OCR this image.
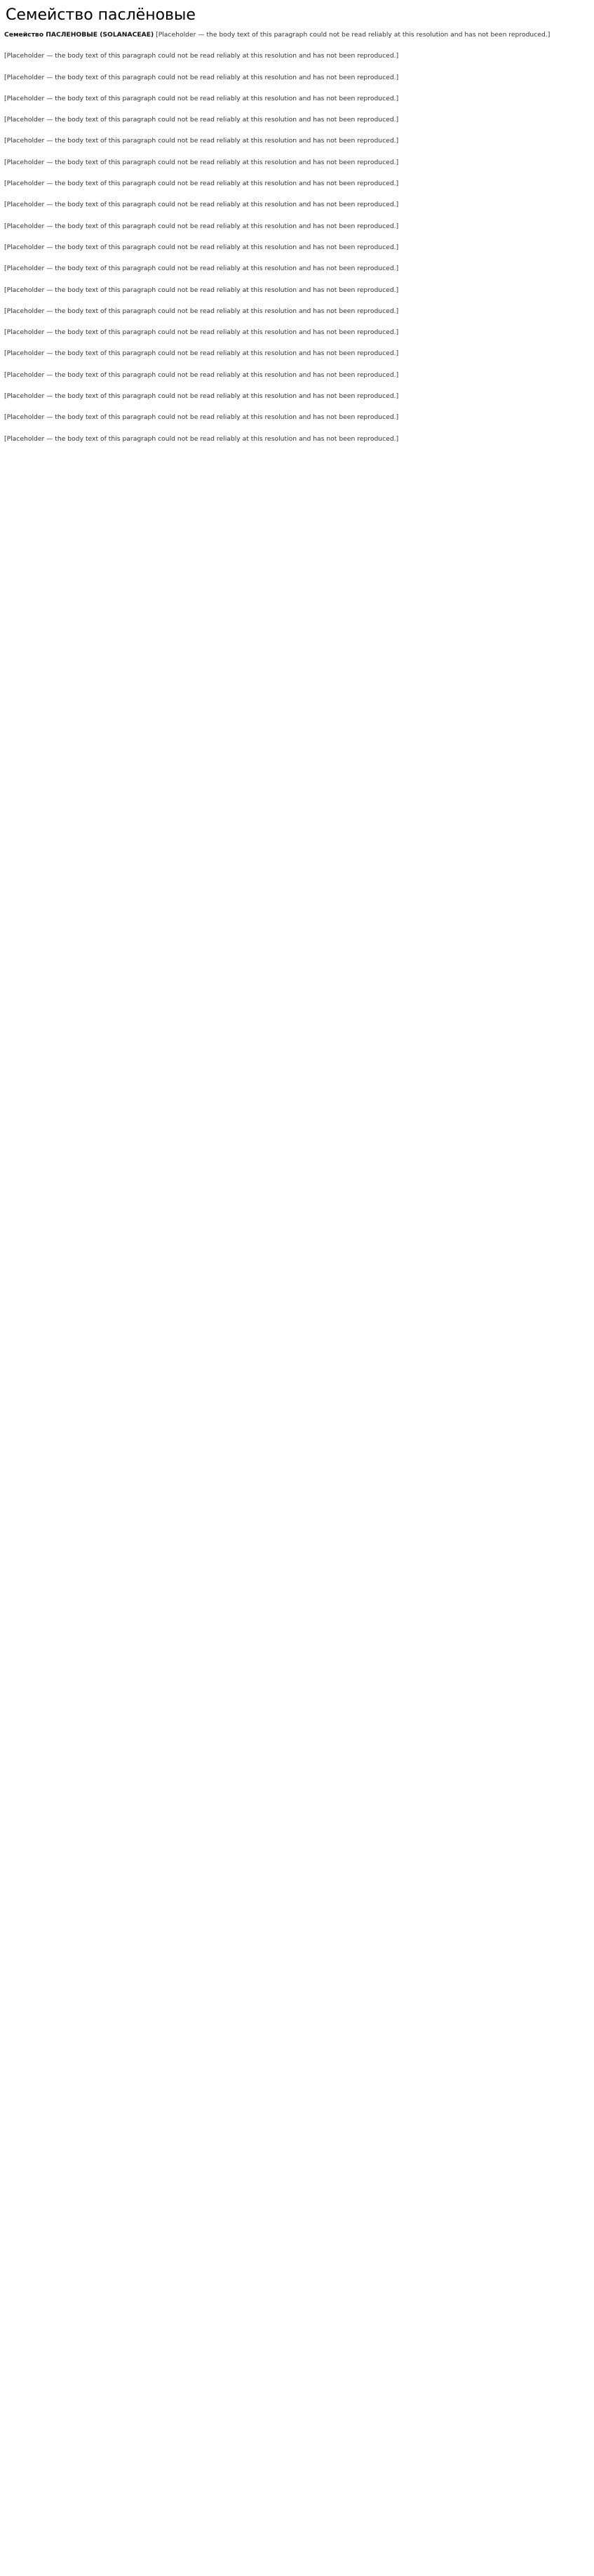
Семейство паслёновые

Семейство ПАСЛЕНОВЫЕ (SOLANACEAE) [Placeholder — the body text of this paragraph could not be read reliably at this resolution and has not been reproduced.]

[Placeholder — the body text of this paragraph could not be read reliably at this resolution and has not been reproduced.]

[Placeholder — the body text of this paragraph could not be read reliably at this resolution and has not been reproduced.]

[Placeholder — the body text of this paragraph could not be read reliably at this resolution and has not been reproduced.]

[Placeholder — the body text of this paragraph could not be read reliably at this resolution and has not been reproduced.]

[Placeholder — the body text of this paragraph could not be read reliably at this resolution and has not been reproduced.]

[Placeholder — the body text of this paragraph could not be read reliably at this resolution and has not been reproduced.]

[Placeholder — the body text of this paragraph could not be read reliably at this resolution and has not been reproduced.]

[Placeholder — the body text of this paragraph could not be read reliably at this resolution and has not been reproduced.]

[Placeholder — the body text of this paragraph could not be read reliably at this resolution and has not been reproduced.]

[Placeholder — the body text of this paragraph could not be read reliably at this resolution and has not been reproduced.]

[Placeholder — the body text of this paragraph could not be read reliably at this resolution and has not been reproduced.]

[Placeholder — the body text of this paragraph could not be read reliably at this resolution and has not been reproduced.]

[Placeholder — the body text of this paragraph could not be read reliably at this resolution and has not been reproduced.]

[Placeholder — the body text of this paragraph could not be read reliably at this resolution and has not been reproduced.]

[Placeholder — the body text of this paragraph could not be read reliably at this resolution and has not been reproduced.]

[Placeholder — the body text of this paragraph could not be read reliably at this resolution and has not been reproduced.]

[Placeholder — the body text of this paragraph could not be read reliably at this resolution and has not been reproduced.]

[Placeholder — the body text of this paragraph could not be read reliably at this resolution and has not been reproduced.]

[Placeholder — the body text of this paragraph could not be read reliably at this resolution and has not been reproduced.]
